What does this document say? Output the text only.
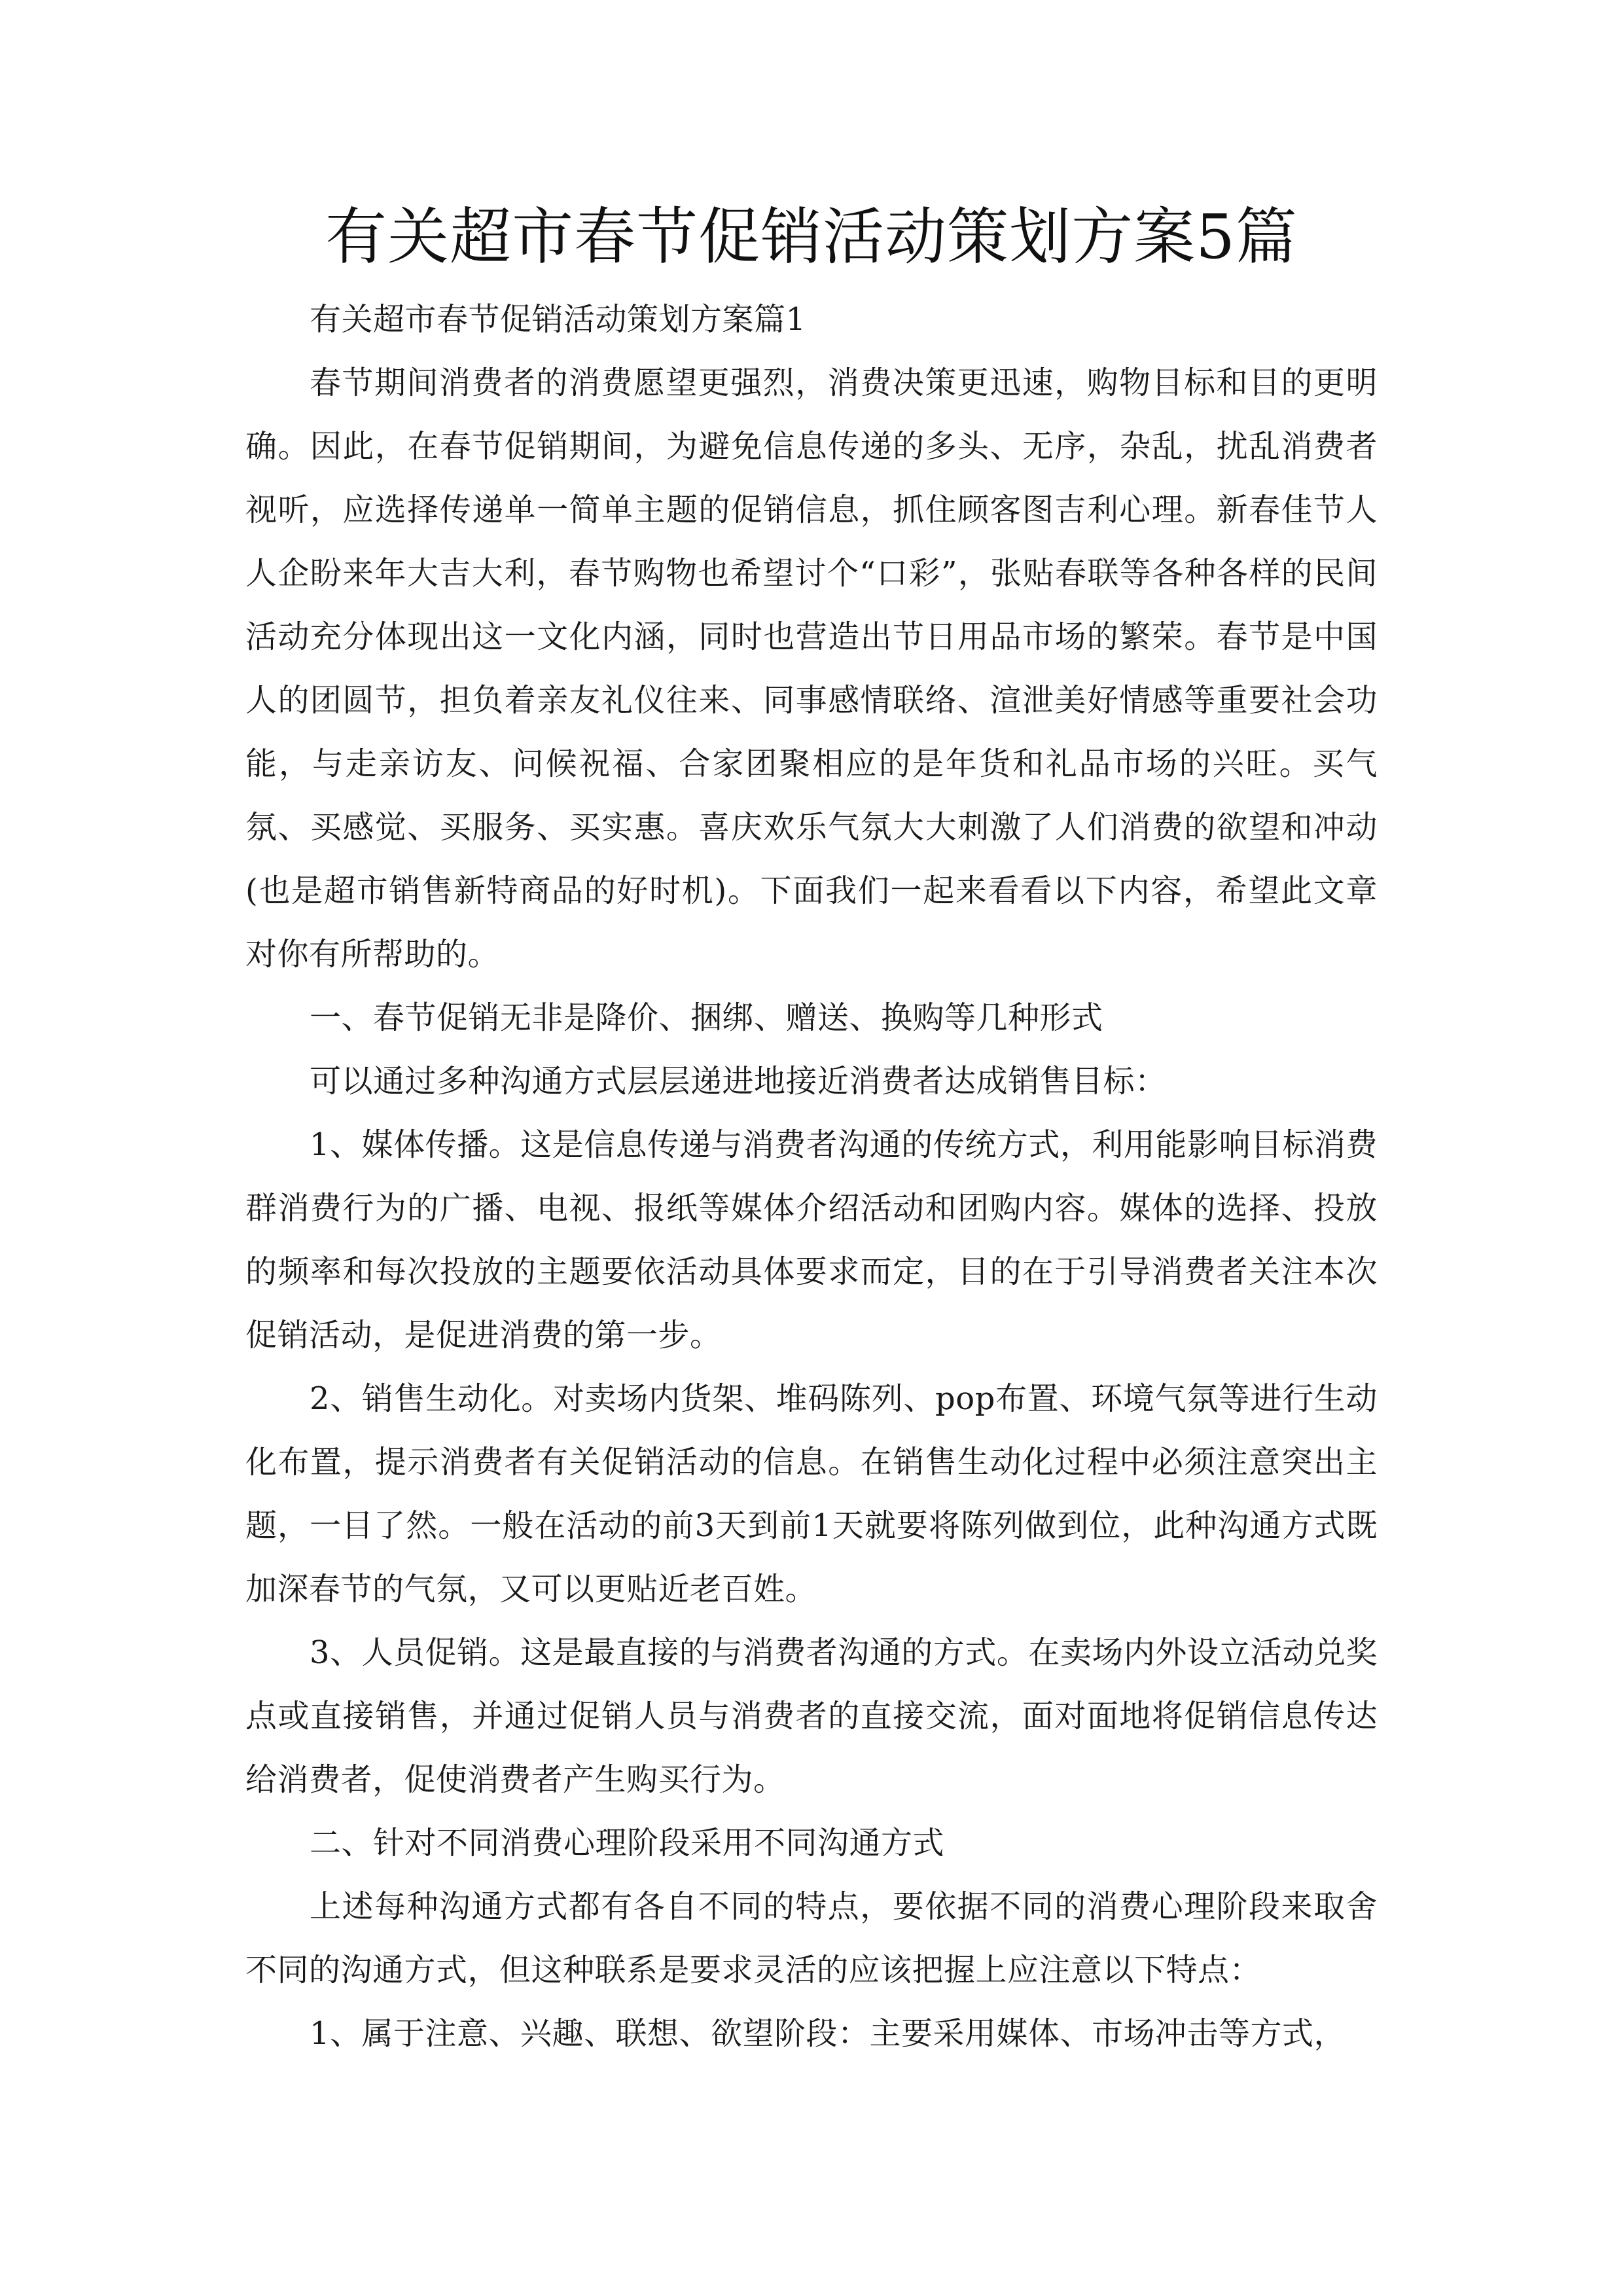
有关超市春节促销活动策划方案5篇

有关超市春节促销活动策划方案篇1

春节期间消费者的消费愿望更强烈，消费决策更迅速，购物目标和目的更明确。因此，在春节促销期间，为避免信息传递的多头、无序，杂乱，扰乱消费者视听，应选择传递单一简单主题的促销信息，抓住顾客图吉利心理。新春佳节人人企盼来年大吉大利，春节购物也希望讨个“口彩”，张贴春联等各种各样的民间活动充分体现出这一文化内涵，同时也营造出节日用品市场的繁荣。春节是中国人的团圆节，担负着亲友礼仪往来、同事感情联络、渲泄美好情感等重要社会功能，与走亲访友、问候祝福、合家团聚相应的是年货和礼品市场的兴旺。买气氛、买感觉、买服务、买实惠。喜庆欢乐气氛大大刺激了人们消费的欲望和冲动(也是超市销售新特商品的好时机)。下面我们一起来看看以下内容，希望此文章对你有所帮助的。

一、春节促销无非是降价、捆绑、赠送、换购等几种形式

可以通过多种沟通方式层层递进地接近消费者达成销售目标：

1、媒体传播。这是信息传递与消费者沟通的传统方式，利用能影响目标消费群消费行为的广播、电视、报纸等媒体介绍活动和团购内容。媒体的选择、投放的频率和每次投放的主题要依活动具体要求而定，目的在于引导消费者关注本次促销活动，是促进消费的第一步。

2、销售生动化。对卖场内货架、堆码陈列、pop布置、环境气氛等进行生动化布置，提示消费者有关促销活动的信息。在销售生动化过程中必须注意突出主题，一目了然。一般在活动的前3天到前1天就要将陈列做到位，此种沟通方式既加深春节的气氛，又可以更贴近老百姓。

3、人员促销。这是最直接的与消费者沟通的方式。在卖场内外设立活动兑奖点或直接销售，并通过促销人员与消费者的直接交流，面对面地将促销信息传达给消费者，促使消费者产生购买行为。

二、针对不同消费心理阶段采用不同沟通方式

上述每种沟通方式都有各自不同的特点，要依据不同的消费心理阶段来取舍不同的沟通方式，但这种联系是要求灵活的应该把握上应注意以下特点：

1、属于注意、兴趣、联想、欲望阶段：主要采用媒体、市场冲击等方式，
